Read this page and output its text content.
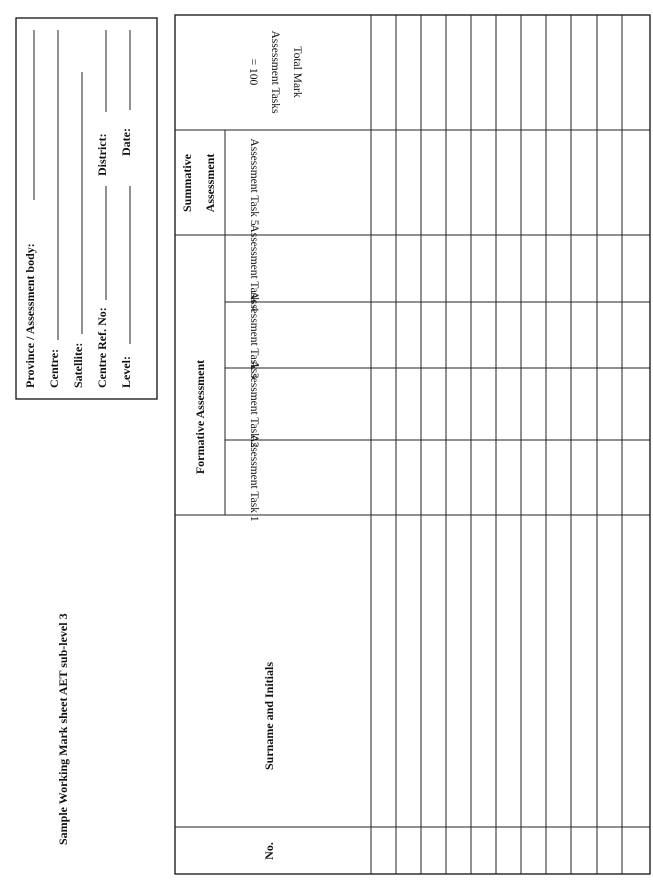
Sample Working Mark sheet AET sub-level 3
Province / Assessment body: Centre: Satellite: Centre Ref. No:
District:
Level:
Date:
No.
Surname and Initials
Formative Assessment
Summative Assessment
Assessment Task 1
Assessment Task 2
Assessment Task 3
Assessment Task 4
Assessment Task 5
Total Mark
Assessment Tasks
= 100
